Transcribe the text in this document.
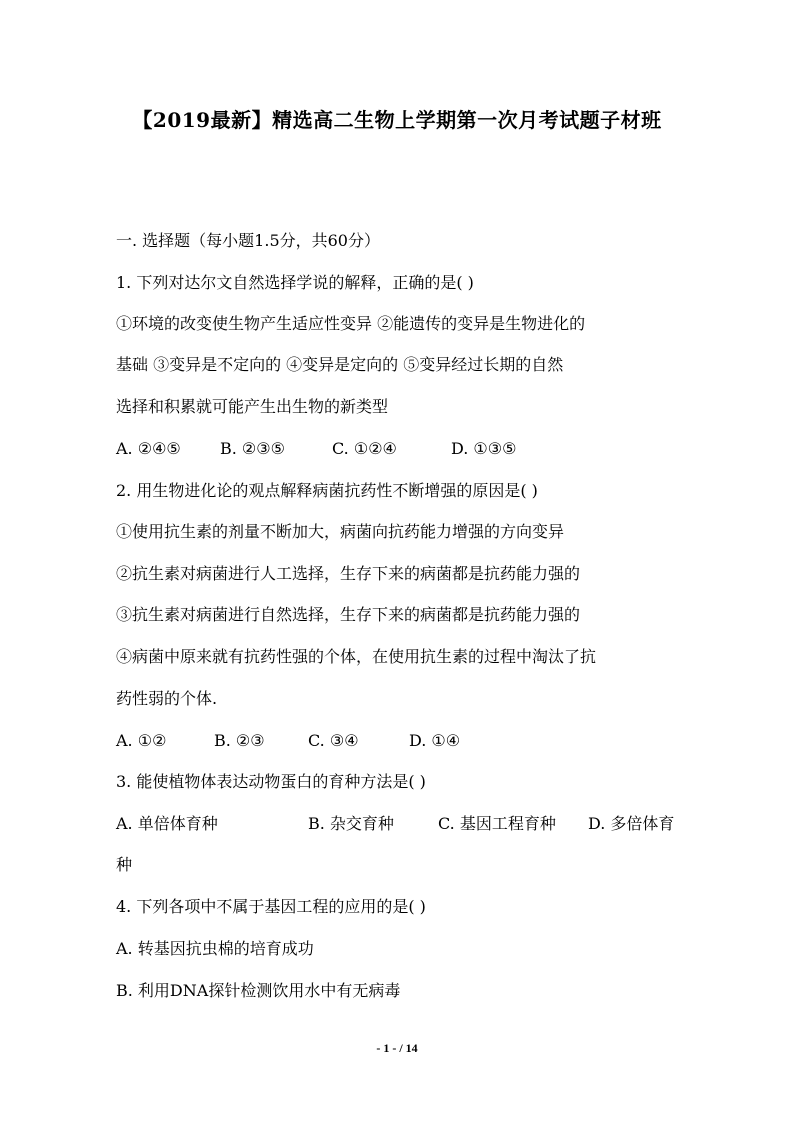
【2019最新】精选高二生物上学期第一次月考试题子材班
一. 选择题（每小题1.5分，共60分）
1. 下列对达尔文自然选择学说的解释，正确的是( )
①环境的改变使生物产生适应性变异 ②能遗传的变异是生物进化的
基础 ③变异是不定向的 ④变异是定向的 ⑤变异经过长期的自然
选择和积累就可能产生出生物的新类型
A. ②④⑤ B. ②③⑤	C. ①②④	D. ①③⑤
2. 用生物进化论的观点解释病菌抗药性不断增强的原因是( )
①使用抗生素的剂量不断加大，病菌向抗药能力增强的方向变异
②抗生素对病菌进行人工选择，生存下来的病菌都是抗药能力强的
③抗生素对病菌进行自然选择，生存下来的病菌都是抗药能力强的
④病菌中原来就有抗药性强的个体，在使用抗生素的过程中淘汰了抗
药性弱的个体.
A. ①②	B. ②③	C. ③④	D. ①④
3. 能使植物体表达动物蛋白的育种方法是( )
A. 单倍体育种	B. 杂交育种	C. 基因工程育种 D. 多倍体育
种
4. 下列各项中不属于基因工程的应用的是( )
A. 转基因抗虫棉的培育成功
B. 利用DNA探针检测饮用水中有无病毒
- 1 - / 14
